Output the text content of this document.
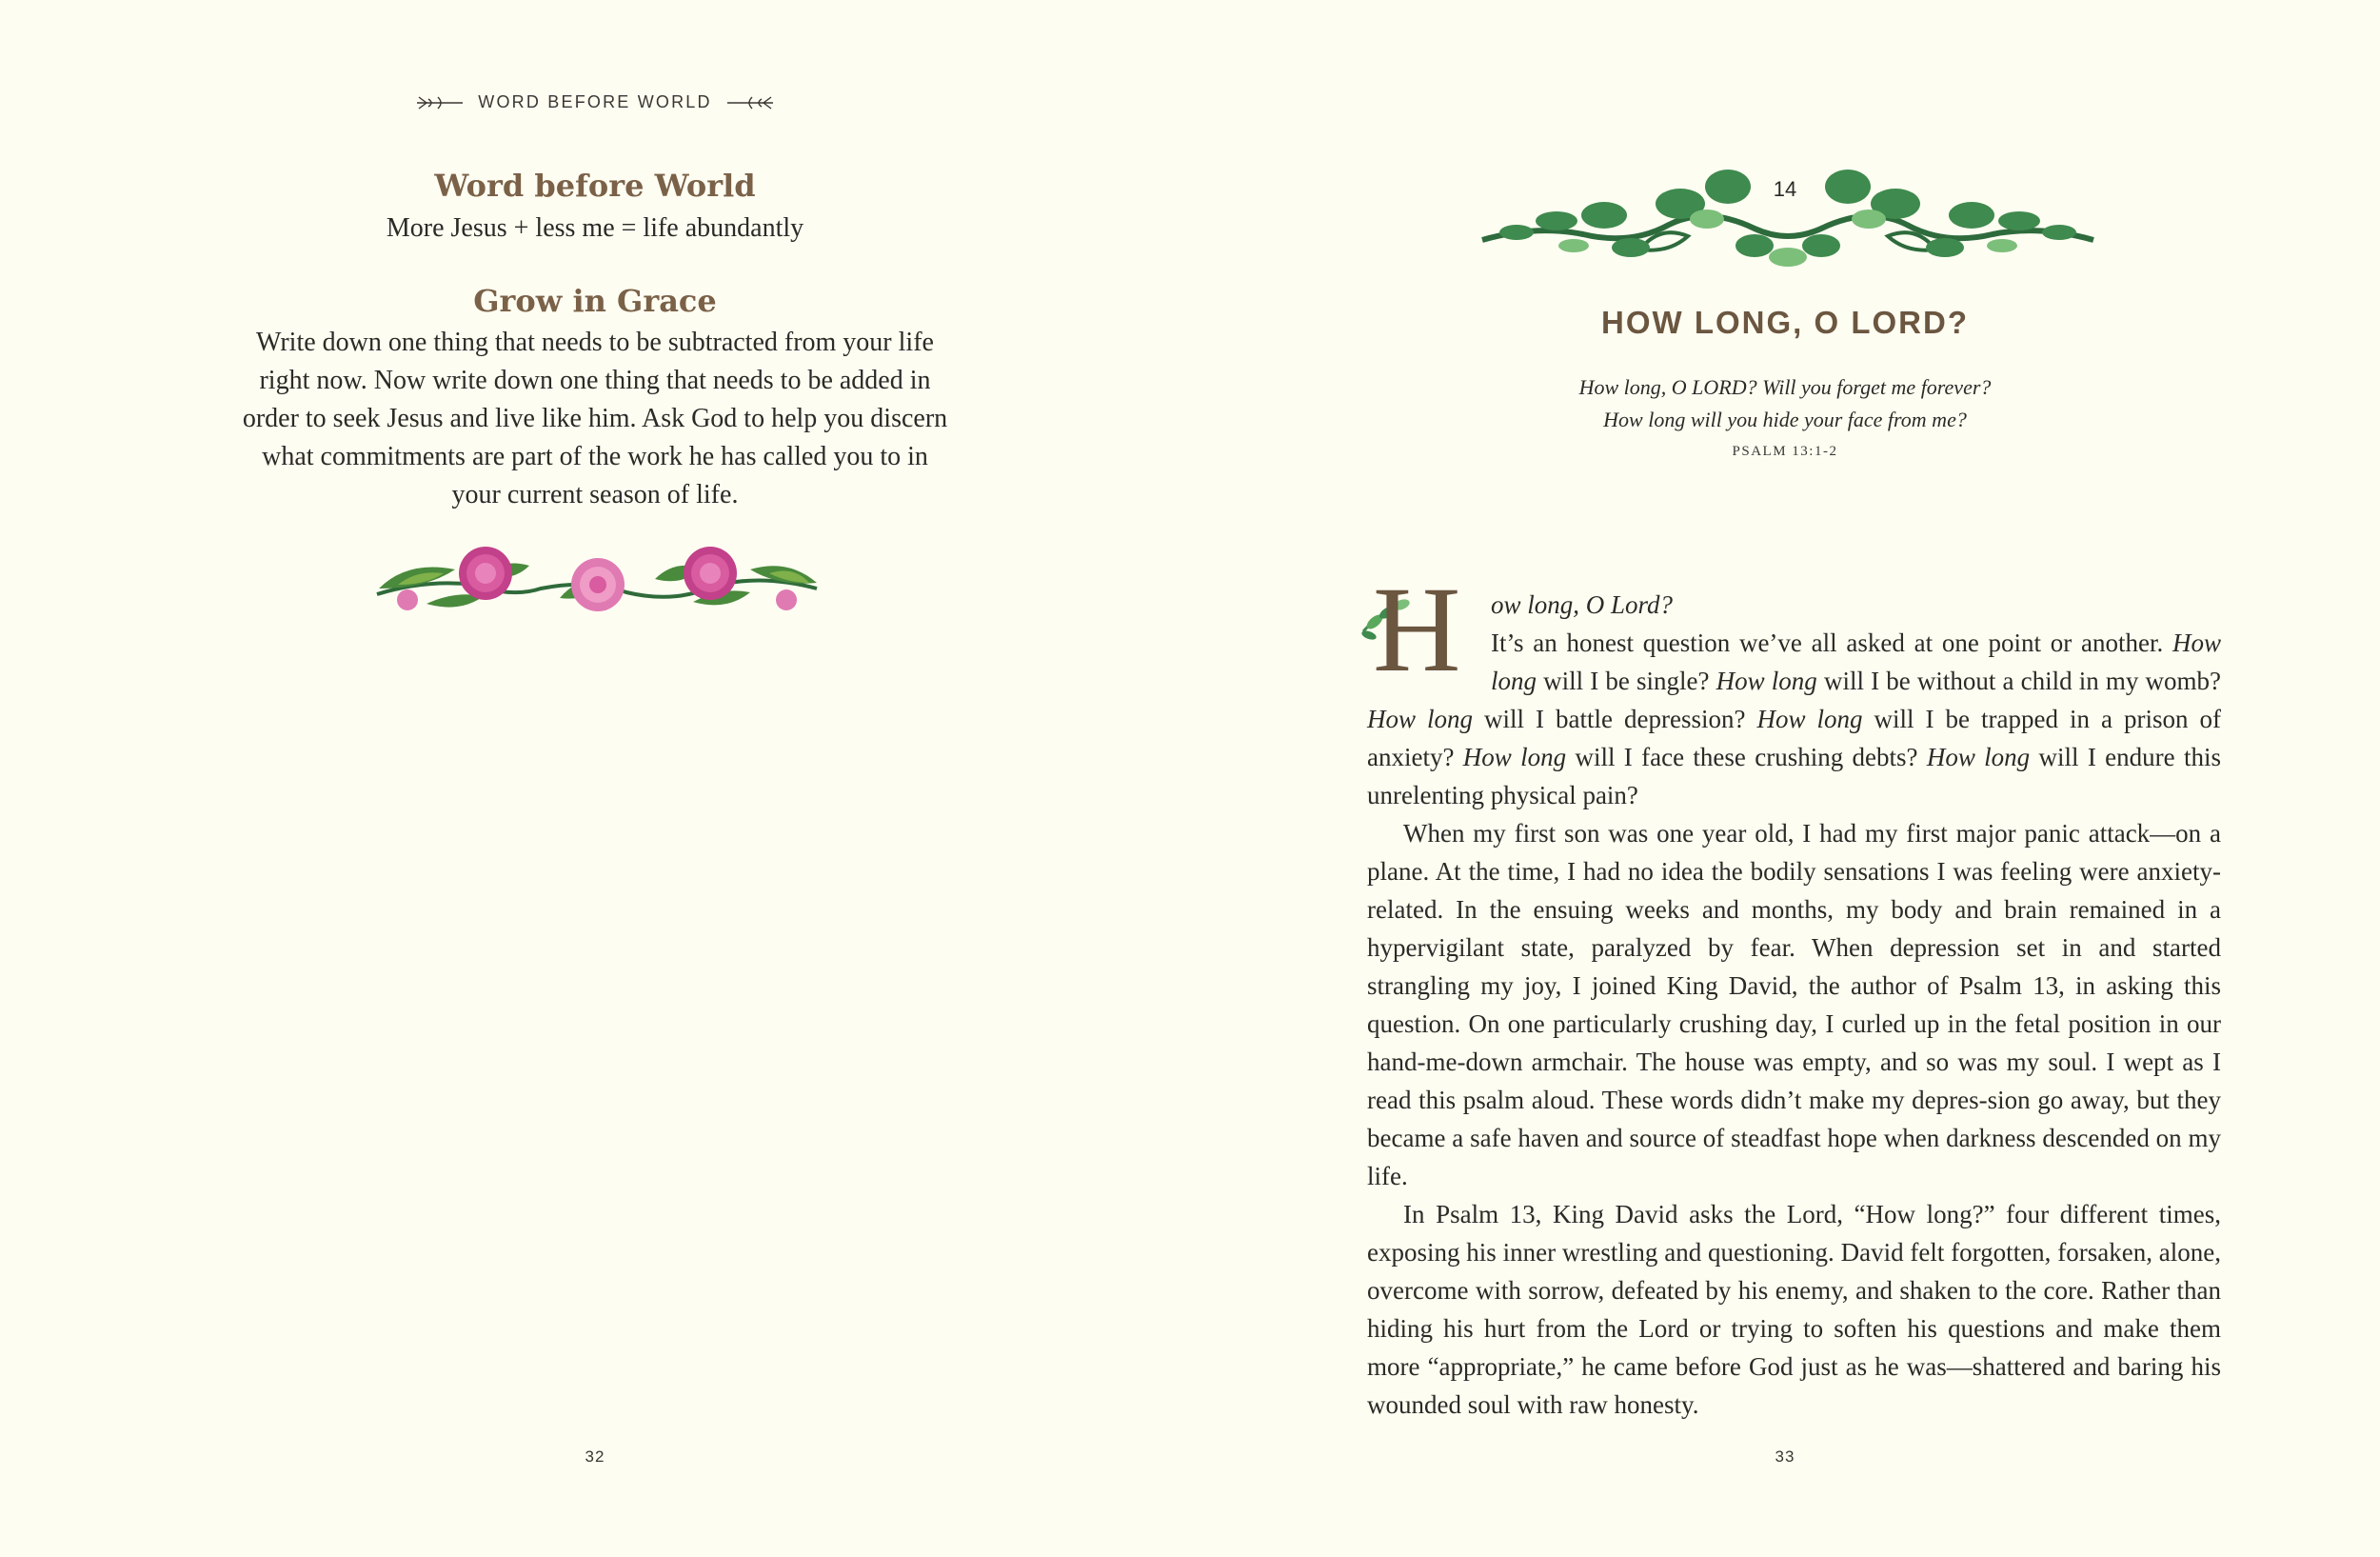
WORD BEFORE WORLD
Word before World
More Jesus + less me = life abundantly
Grow in Grace
Write down one thing that needs to be subtracted from your life right now. Now write down one thing that needs to be added in order to seek Jesus and live like him. Ask God to help you discern what commitments are part of the work he has called you to in your current season of life.
32
14
HOW LONG, O LORD?
How long, O LORD? Will you forget me forever?
How long will you hide your face from me?
PSALM 13:1-2
H	ow long, O Lord?

It’s an honest question we’ve all asked at one point or another. How long will I be single? How long will I be without a child in my womb? How long will I battle depression? How long will I be trapped in a prison of anxiety? How long will I face these crushing debts? How long will I endure this unrelenting physical pain?

When my first son was one year old, I had my first major panic attack—on a plane. At the time, I had no idea the bodily sensations I was feeling were anxiety-related. In the ensuing weeks and months, my body and brain remained in a hypervigilant state, paralyzed by fear. When depression set in and started strangling my joy, I joined King David, the author of Psalm 13, in asking this question. On one particularly crushing day, I curled up in the fetal position in our hand-me-down armchair. The house was empty, and so was my soul. I wept as I read this psalm aloud. These words didn’t make my depres-sion go away, but they became a safe haven and source of steadfast hope when darkness descended on my life.

In Psalm 13, King David asks the Lord, “How long?” four different times, exposing his inner wrestling and questioning. David felt forgotten, forsaken, alone, overcome with sorrow, defeated by his enemy, and shaken to the core. Rather than hiding his hurt from the Lord or trying to soften his questions and make them more “appropriate,” he came before God just as he was—shattered and baring his wounded soul with raw honesty.

33
